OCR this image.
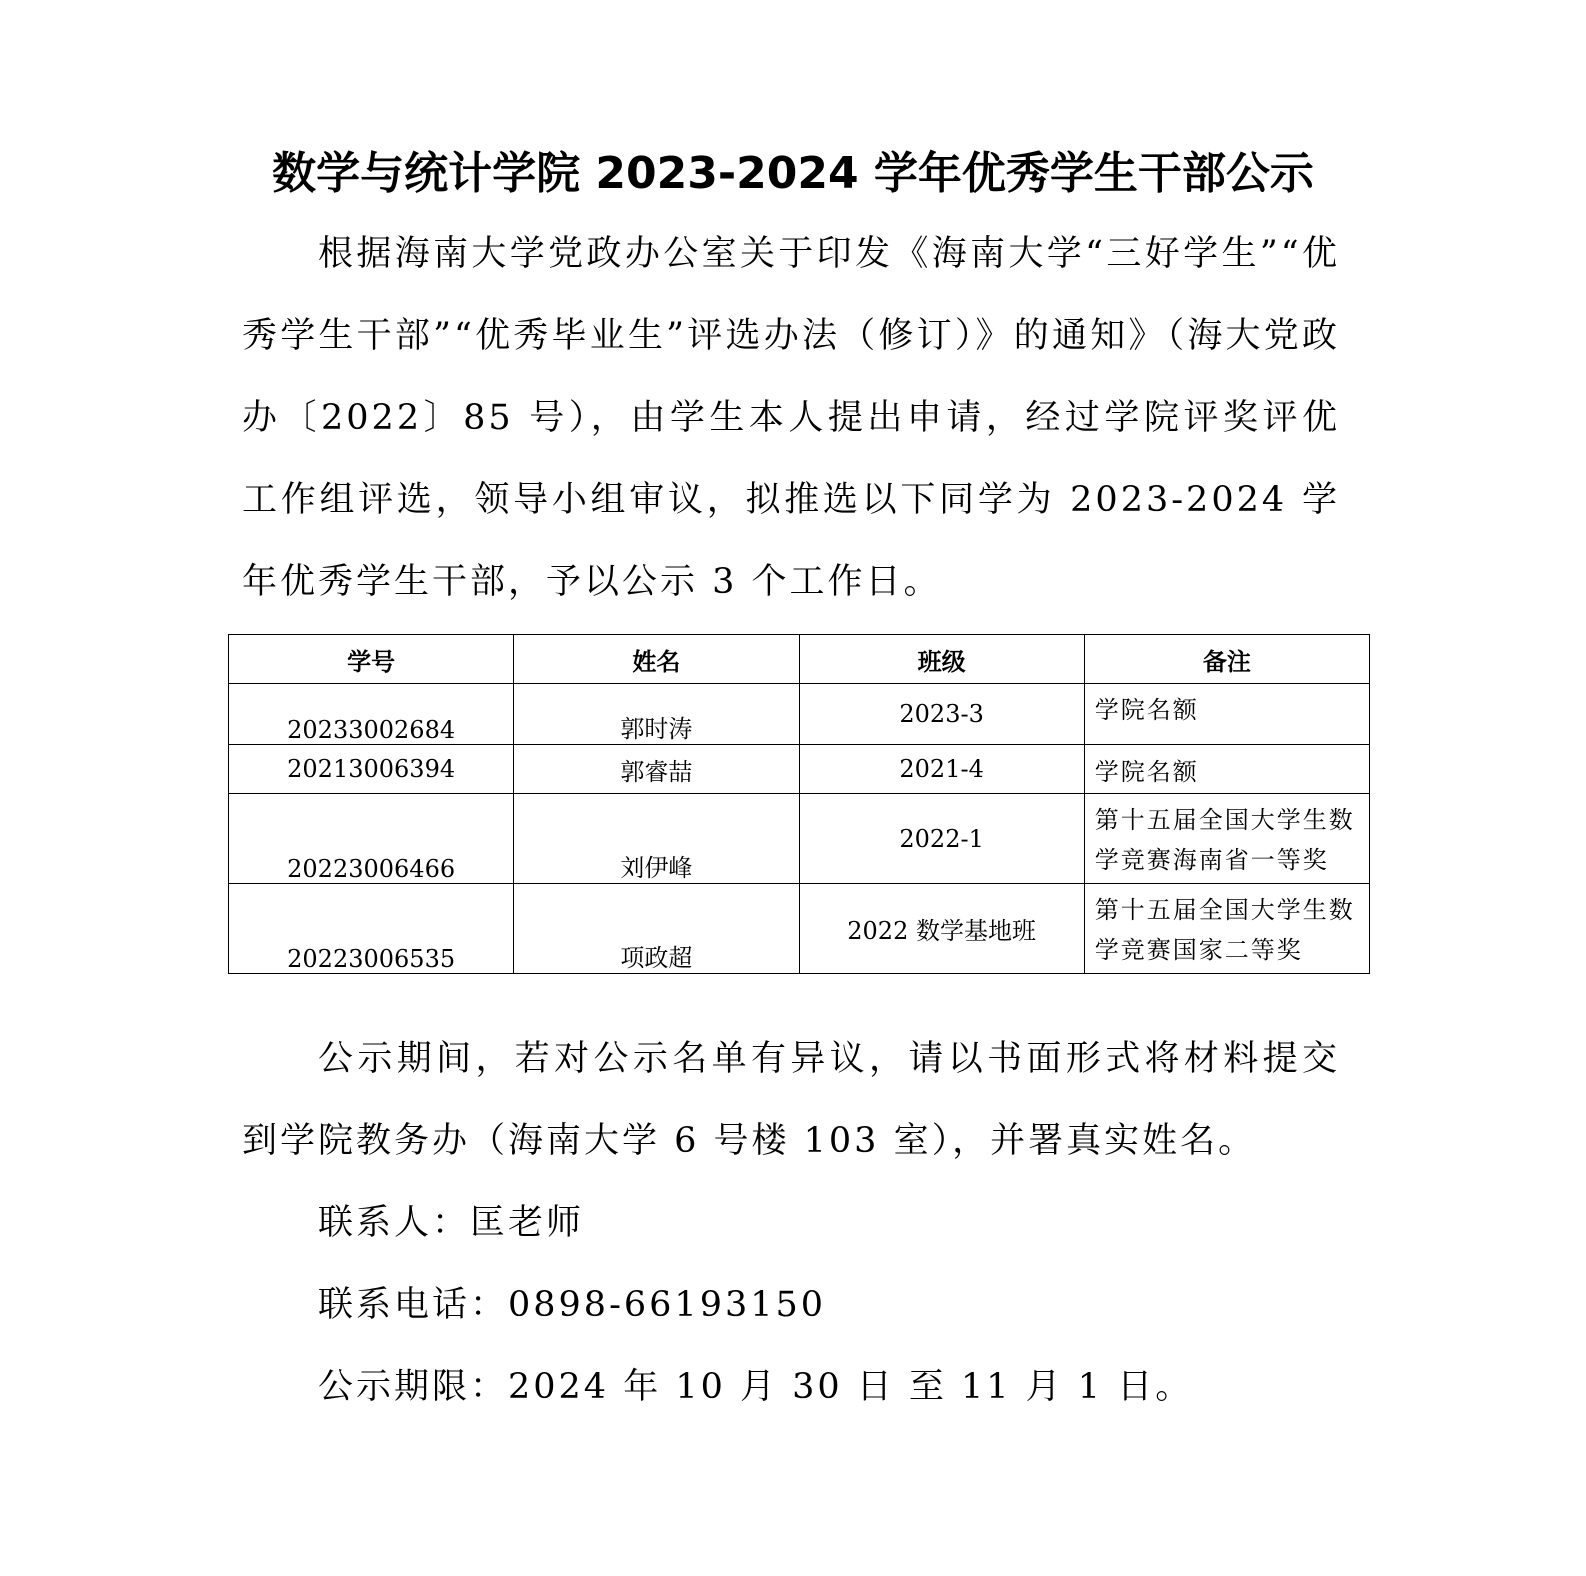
数学与统计学院 2023-2024 学年优秀学生干部公示

根据海南大学党政办公室关于印发《海南大学“三好学生”“优秀学生干部”“优秀毕业生”评选办法（修订）》的通知》（海大党政办〔2022〕85 号），由学生本人提出申请，经过学院评奖评优工作组评选，领导小组审议，拟推选以下同学为 2023-2024 学年优秀学生干部，予以公示 3 个工作日。

学号	姓名	班级	备注
20233002684	郭时涛	2023-3	学院名额
20213006394	郭睿喆	2021-4	学院名额
20223006466	刘伊峰	2022-1	第十五届全国大学生数学竞赛海南省一等奖
20223006535	项政超	2022 数学基地班	第十五届全国大学生数学竞赛国家二等奖

公示期间，若对公示名单有异议，请以书面形式将材料提交到学院教务办（海南大学 6 号楼 103 室），并署真实姓名。

联系人：匡老师

联系电话：0898-66193150

公示期限：2024 年 10 月 30 日 至 11 月 1 日。
